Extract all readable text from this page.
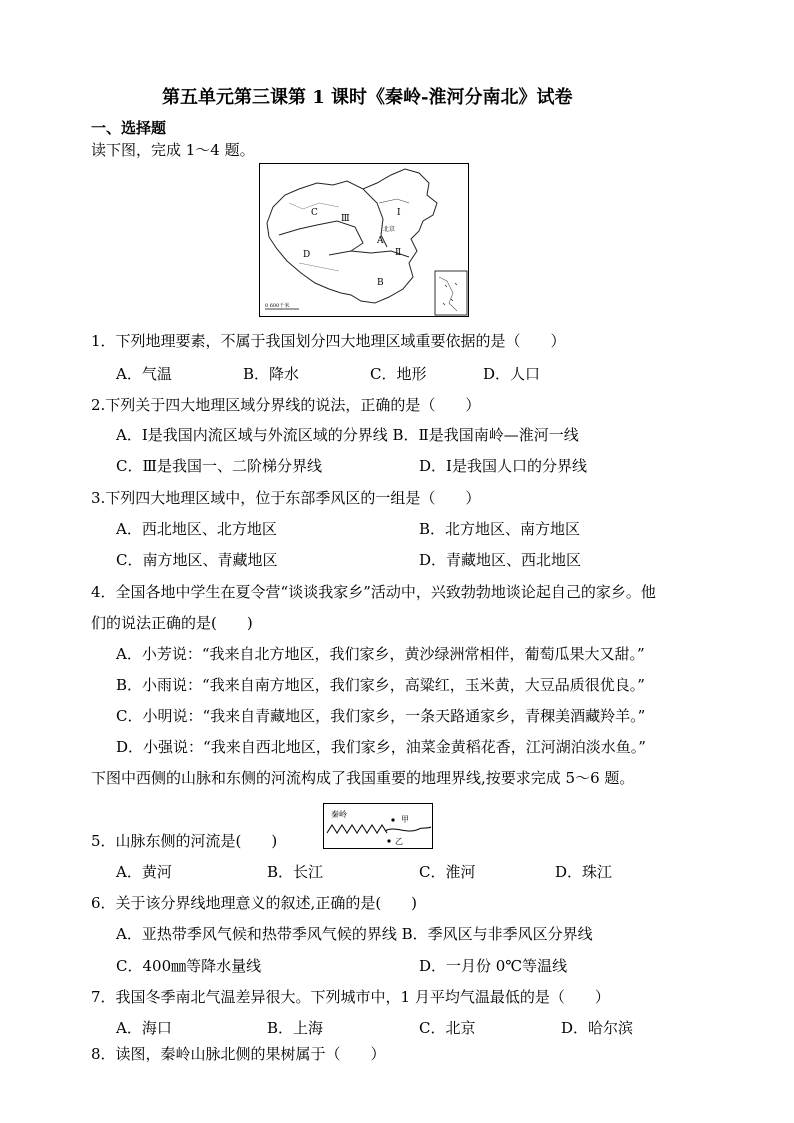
第五单元第三课第 1 课时《秦岭-淮河分南北》试卷
一、选择题
读下图，完成 1～4 题。
Ⅰ
Ⅱ
Ⅲ
A
B
C
D
北京
0 600千米
1．下列地理要素，不属于我国划分四大地理区域重要依据的是（　　）
A．气温	B．降水	C．地形	D．人口
2.下列关于四大地理区域分界线的说法，正确的是（　　）
A．Ⅰ是我国内流区域与外流区域的分界线 B．Ⅱ是我国南岭—淮河一线
C．Ⅲ是我国一、二阶梯分界线	D．Ⅰ是我国人口的分界线
3.下列四大地理区域中，位于东部季风区的一组是（　　）
A．西北地区、北方地区	B．北方地区、南方地区
C．南方地区、青藏地区	D．青藏地区、西北地区
4．全国各地中学生在夏令营“谈谈我家乡”活动中，兴致勃勃地谈论起自己的家乡。他
们的说法正确的是(　　)
A．小芳说：“我来自北方地区，我们家乡，黄沙绿洲常相伴，葡萄瓜果大又甜。”
B．小雨说：“我来自南方地区，我们家乡，高粱红，玉米黄，大豆品质很优良。”
C．小明说：“我来自青藏地区，我们家乡，一条天路通家乡，青稞美酒藏羚羊。”
D．小强说：“我来自西北地区，我们家乡，油菜金黄稻花香，江河湖泊淡水鱼。”
下图中西侧的山脉和东侧的河流构成了我国重要的地理界线,按要求完成 5～6 题。
秦岭
甲
乙
5．山脉东侧的河流是(　　)
A．黄河	B．长江	C．淮河	D．珠江
6．关于该分界线地理意义的叙述,正确的是(　　)
A．亚热带季风气候和热带季风气候的界线 B．季风区与非季风区分界线
C．400㎜等降水量线	D．一月份 0℃等温线
7．我国冬季南北气温差异很大。下列城市中，1 月平均气温最低的是（　　）
A．海口	B．上海	C．北京	D．哈尔滨
8．读图，秦岭山脉北侧的果树属于（　　）
